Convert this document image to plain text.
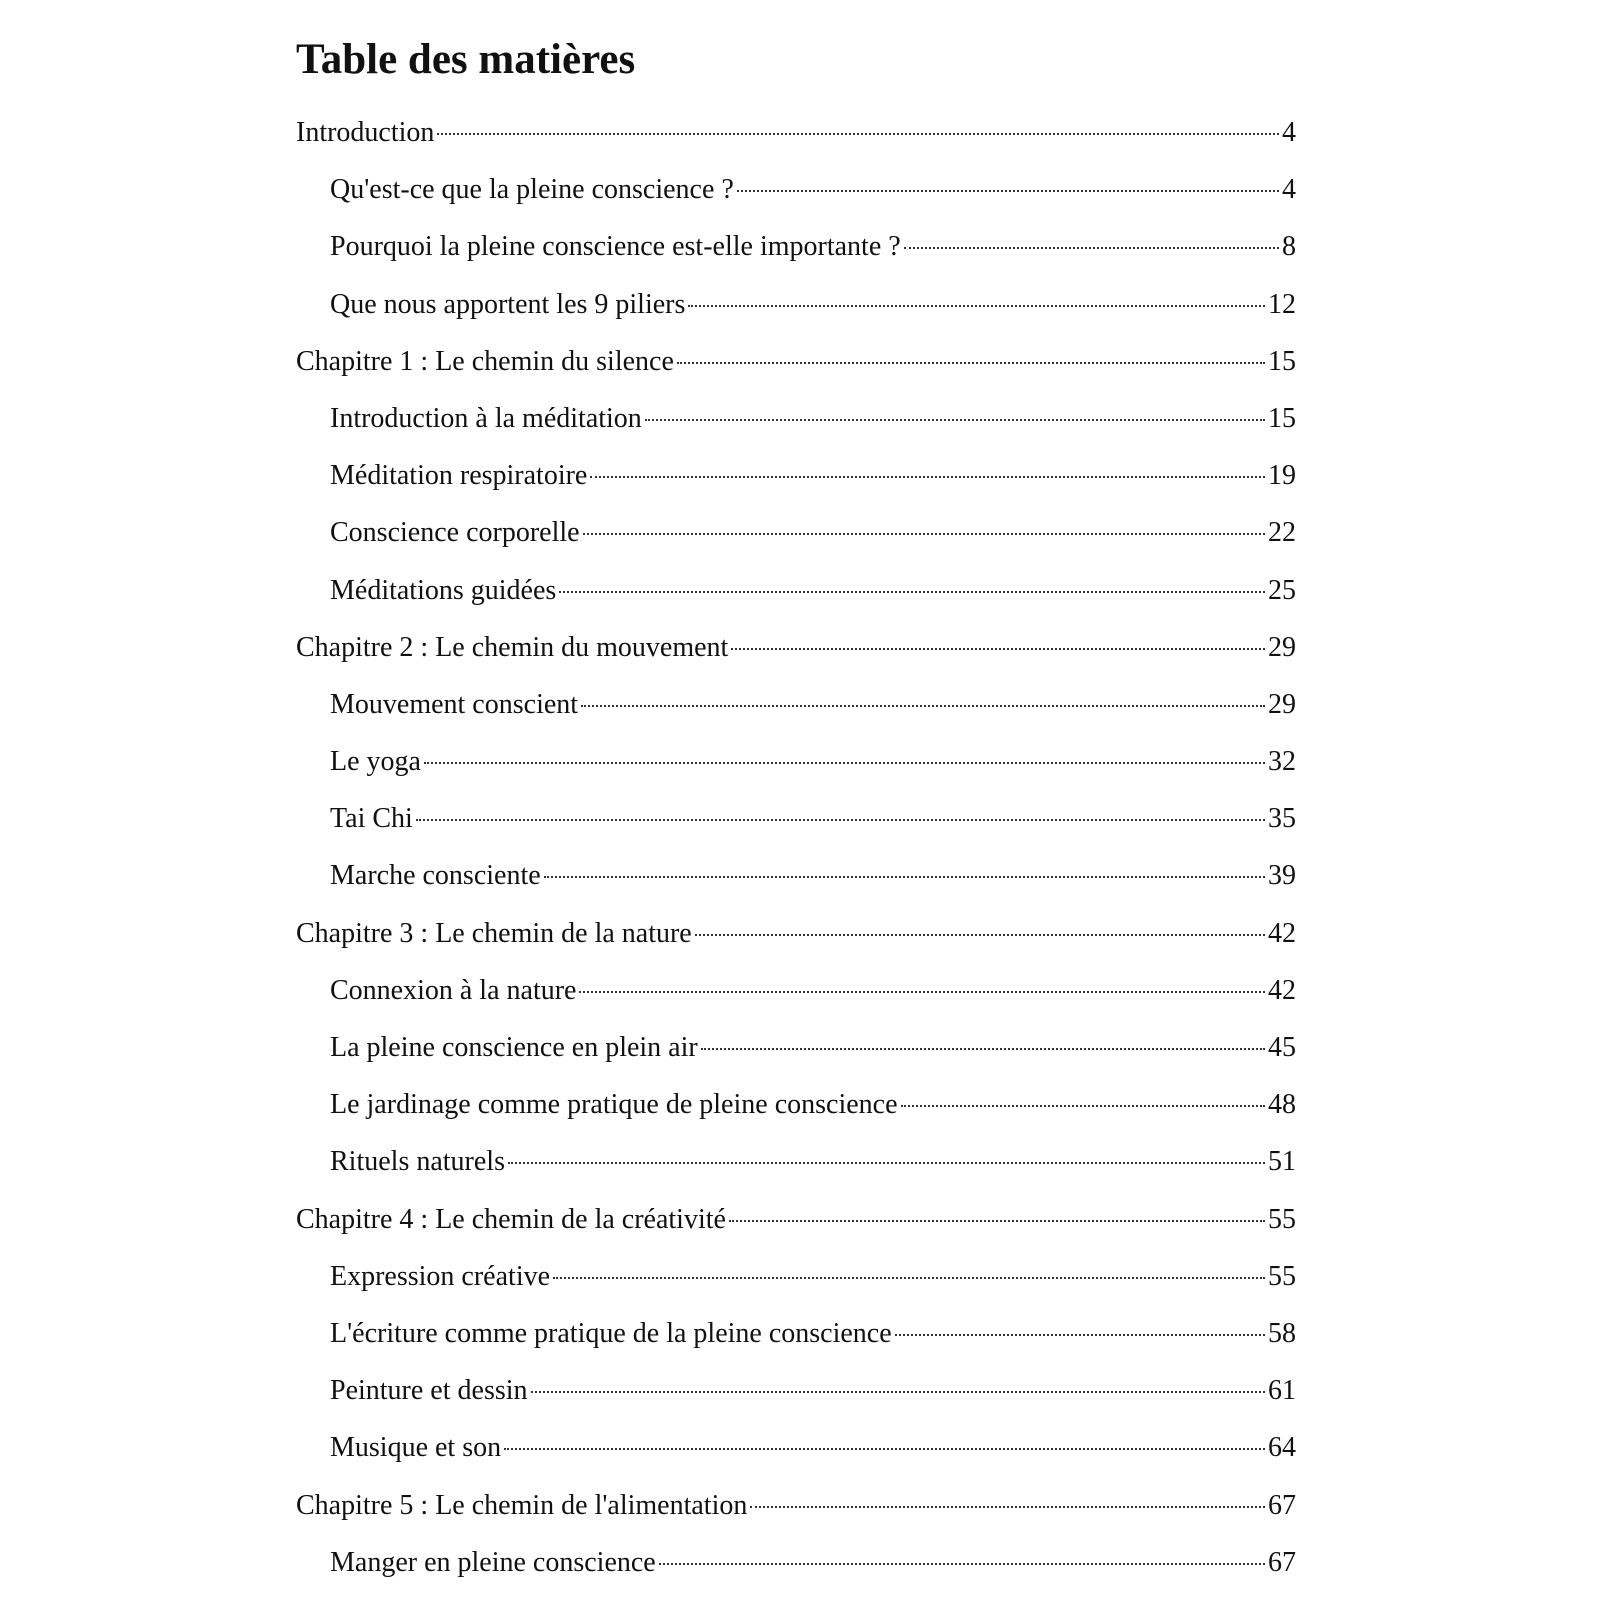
Table des matières
Introduction	4
Qu'est-ce que la pleine conscience ?	4
Pourquoi la pleine conscience est-elle importante ?	8
Que nous apportent les 9 piliers	12
Chapitre 1 : Le chemin du silence	15
Introduction à la méditation	15
Méditation respiratoire	19
Conscience corporelle	22
Méditations guidées	25
Chapitre 2 : Le chemin du mouvement	29
Mouvement conscient	29
Le yoga	32
Tai Chi	35
Marche consciente	39
Chapitre 3 : Le chemin de la nature	42
Connexion à la nature	42
La pleine conscience en plein air	45
Le jardinage comme pratique de pleine conscience	48
Rituels naturels	51
Chapitre 4 : Le chemin de la créativité	55
Expression créative	55
L'écriture comme pratique de la pleine conscience	58
Peinture et dessin	61
Musique et son	64
Chapitre 5 : Le chemin de l'alimentation	67
Manger en pleine conscience	67
